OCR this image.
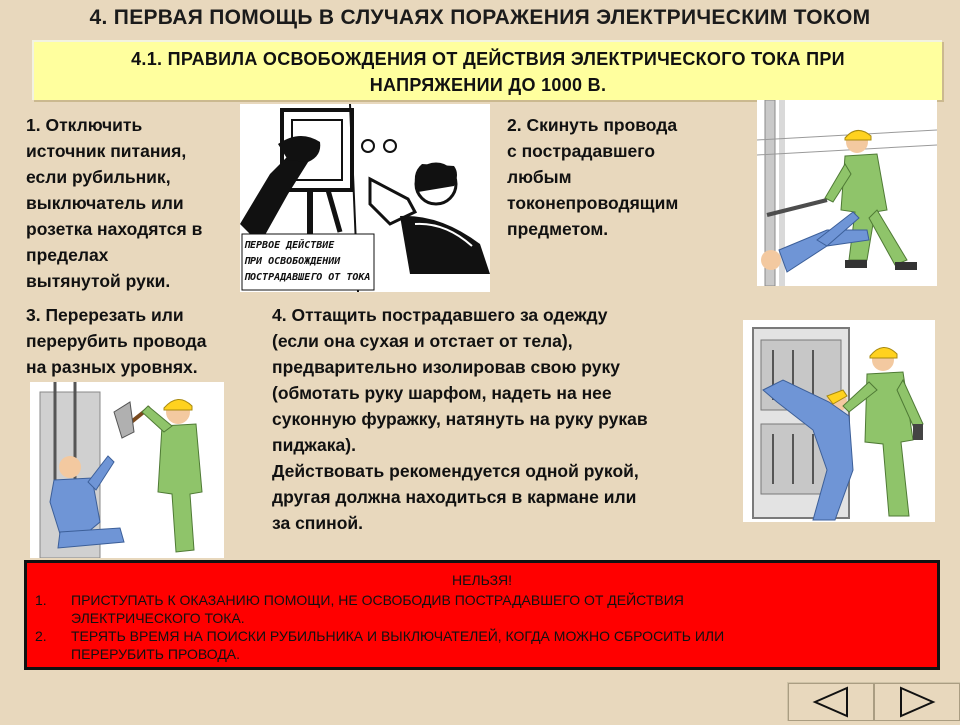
4. ПЕРВАЯ ПОМОЩЬ В СЛУЧАЯХ ПОРАЖЕНИЯ ЭЛЕКТРИЧЕСКИМ ТОКОМ
4.1. ПРАВИЛА ОСВОБОЖДЕНИЯ ОТ ДЕЙСТВИЯ ЭЛЕКТРИЧЕСКОГО ТОКА ПРИ
НАПРЯЖЕНИИ ДО 1000 В.
1. Отключить
источник питания,
если рубильник,
выключатель или
розетка находятся в
пределах
вытянутой руки.
ПЕРВОЕ ДЕЙСТВИЕ
ПРИ ОСВОБОЖДЕНИИ
ПОСТРАДАВШЕГО ОТ ТОКА
2. Скинуть провода
с пострадавшего
любым
токонепроводящим
предметом.
3. Перерезать или
перерубить провода
на разных уровнях.
4. Оттащить пострадавшего за одежду
(если она сухая и отстает от тела),
предварительно изолировав свою руку
(обмотать руку шарфом, надеть на нее
суконную фуражку, натянуть на руку рукав
пиджака).
Действовать рекомендуется одной рукой,
другая должна находиться в кармане или
за спиной.
НЕЛЬЗЯ!
1. ПРИСТУПАТЬ К ОКАЗАНИЮ ПОМОЩИ, НЕ ОСВОБОДИВ ПОСТРАДАВШЕГО ОТ ДЕЙСТВИЯ
ЭЛЕКТРИЧЕСКОГО ТОКА.
2. ТЕРЯТЬ ВРЕМЯ НА ПОИСКИ РУБИЛЬНИКА И ВЫКЛЮЧАТЕЛЕЙ, КОГДА МОЖНО СБРОСИТЬ ИЛИ
ПЕРЕРУБИТЬ ПРОВОДА.
